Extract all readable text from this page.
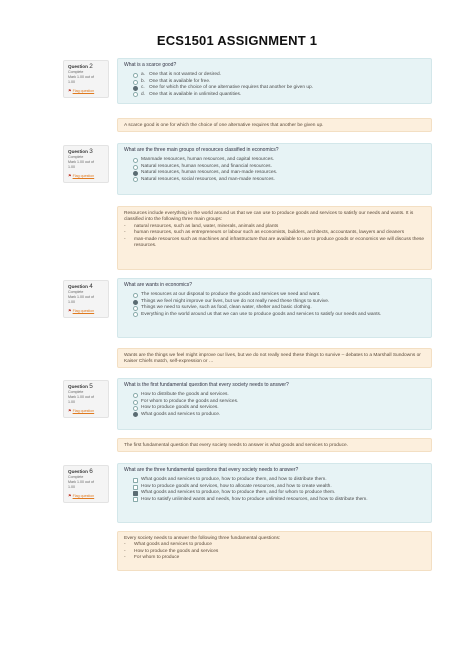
ECS1501 ASSIGNMENT 1
Question 2
Complete
Mark 1.00 out of
1.00
⚑ Flag question
What is a scarce good?
a. One that is not wanted or desired.
b. One that is available for free.
c. One for which the choice of one alternative requires that another be given up.
d. One that is available in unlimited quantities.
A scarce good is one for which the choice of one alternative requires that another be given up.
Question 3
Complete
Mark 1.00 out of
1.00
⚑ Flag question
What are the three main groups of resources classified in economics?
Manmade resources, human resources, and capital resources.
Natural resources, human resources, and financial resources.
Natural resources, human resources, and man-made resources.
Natural resources, social resources, and man-made resources.
Resources include everything in the world around us that we can use to produce goods and services to satisfy our needs and wants. It is classified into the following three main groups:
-	natural resources, such as land, water, minerals, animals and plants
-	human resources, such as entrepreneurs or labour such as economists, builders, architects, accountants, lawyers and cleaners
-	man-made resources such as machines and infrastructure that are available to use to produce goods or economics we will discuss these resources.
Question 4
Complete
Mark 1.00 out of
1.00
⚑ Flag question
What are wants in economics?
The resources at our disposal to produce the goods and services we need and want.
Things we feel might improve our lives, but we do not really need these things to survive.
Things we need to survive, such as food, clean water, shelter and basic clothing.
Everything in the world around us that we can use to produce goods and services to satisfy our needs and wants.
Wants are the things we feel might improve our lives, but we do not really need these things to survive – debates to a Marshall Sundowns or Kaiser Chiefs match, self-expression or …
Question 5
Complete
Mark 1.00 out of
1.00
⚑ Flag question
What is the first fundamental question that every society needs to answer?
How to distribute the goods and services.
For whom to produce the goods and services.
How to produce goods and services.
What goods and services to produce.
The first fundamental question that every society needs to answer is what goods and services to produce.
Question 6
Complete
Mark 1.00 out of
1.00
⚑ Flag question
What are the three fundamental questions that every society needs to answer?
What goods and services to produce, how to produce them, and how to distribute them.
How to produce goods and services, how to allocate resources, and how to create wealth.
What goods and services to produce, how to produce them, and for whom to produce them.
How to satisfy unlimited wants and needs, how to produce unlimited resources, and how to distribute them.
Every society needs to answer the following three fundamental questions:
-	What goods and services to produce
-	How to produce the goods and services
-	For whom to produce
